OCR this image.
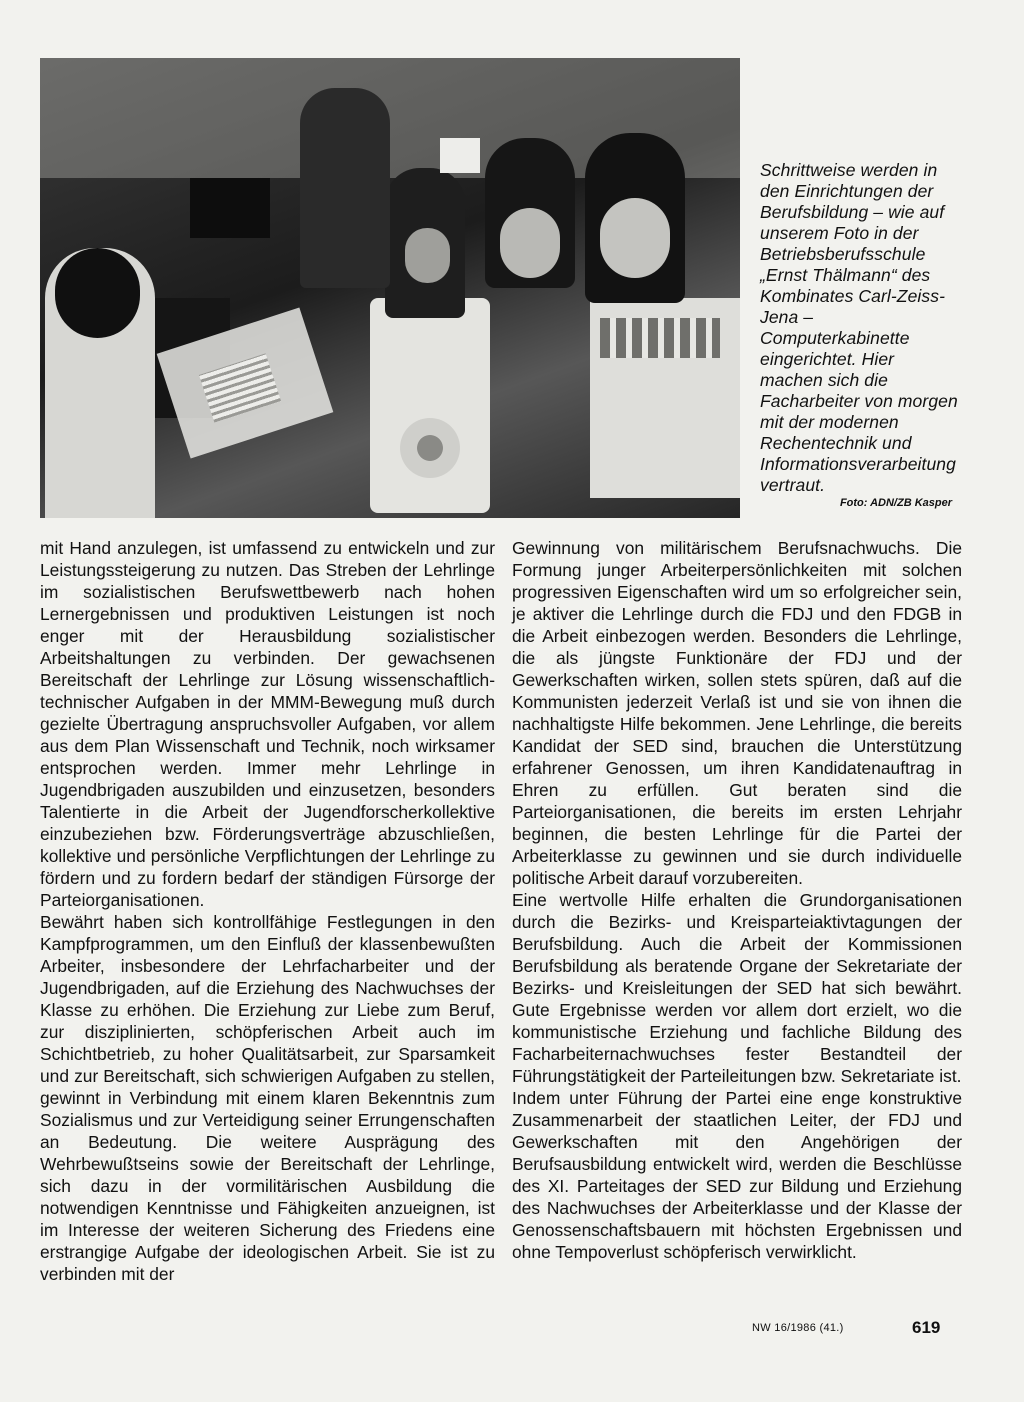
Schrittweise werden in den Einrichtungen der Berufsbildung – wie auf unserem Foto in der Betriebsberufsschule „Ernst Thälmann“ des Kombinates Carl-Zeiss-Jena – Computerkabinette eingerichtet. Hier machen sich die Facharbeiter von morgen mit der modernen Rechentechnik und Informationsverarbeitung vertraut.
Foto: ADN/ZB Kasper

mit Hand anzulegen, ist umfassend zu entwickeln und zur Leistungssteigerung zu nutzen. Das Streben der Lehrlinge im sozialistischen Berufswettbewerb nach hohen Lernergebnissen und produktiven Leistungen ist noch enger mit der Herausbildung sozialistischer Arbeitshaltungen zu verbinden. Der gewachsenen Bereitschaft der Lehrlinge zur Lösung wissenschaftlich-technischer Aufgaben in der MMM-Bewegung muß durch gezielte Übertragung anspruchsvoller Aufgaben, vor allem aus dem Plan Wissenschaft und Technik, noch wirksamer entsprochen werden. Immer mehr Lehrlinge in Jugendbrigaden auszubilden und einzusetzen, besonders Talentierte in die Arbeit der Jugendforscherkollektive einzubeziehen bzw. Förderungsverträge abzuschließen, kollektive und persönliche Verpflichtungen der Lehrlinge zu fördern und zu fordern bedarf der ständigen Fürsorge der Parteiorganisationen.

Bewährt haben sich kontrollfähige Festlegungen in den Kampfprogrammen, um den Einfluß der klassenbewußten Arbeiter, insbesondere der Lehrfacharbeiter und der Jugendbrigaden, auf die Erziehung des Nachwuchses der Klasse zu erhöhen. Die Erziehung zur Liebe zum Beruf, zur disziplinierten, schöpferischen Arbeit auch im Schichtbetrieb, zu hoher Qualitätsarbeit, zur Sparsamkeit und zur Bereitschaft, sich schwierigen Aufgaben zu stellen, gewinnt in Verbindung mit einem klaren Bekenntnis zum Sozialismus und zur Verteidigung seiner Errungenschaften an Bedeutung. Die weitere Ausprägung des Wehrbewußtseins sowie der Bereitschaft der Lehrlinge, sich dazu in der vormilitärischen Ausbildung die notwendigen Kenntnisse und Fähigkeiten anzueignen, ist im Interesse der weiteren Sicherung des Friedens eine erstrangige Aufgabe der ideologischen Arbeit. Sie ist zu verbinden mit der

Gewinnung von militärischem Berufsnachwuchs. Die Formung junger Arbeiterpersönlichkeiten mit solchen progressiven Eigenschaften wird um so erfolgreicher sein, je aktiver die Lehrlinge durch die FDJ und den FDGB in die Arbeit einbezogen werden. Besonders die Lehrlinge, die als jüngste Funktionäre der FDJ und der Gewerkschaften wirken, sollen stets spüren, daß auf die Kommunisten jederzeit Verlaß ist und sie von ihnen die nachhaltigste Hilfe bekommen. Jene Lehrlinge, die bereits Kandidat der SED sind, brauchen die Unterstützung erfahrener Genossen, um ihren Kandidatenauftrag in Ehren zu erfüllen. Gut beraten sind die Parteiorganisationen, die bereits im ersten Lehrjahr beginnen, die besten Lehrlinge für die Partei der Arbeiterklasse zu gewinnen und sie durch individuelle politische Arbeit darauf vorzubereiten.

Eine wertvolle Hilfe erhalten die Grundorganisationen durch die Bezirks- und Kreisparteiaktivtagungen der Berufsbildung. Auch die Arbeit der Kommissionen Berufsbildung als beratende Organe der Sekretariate der Bezirks- und Kreisleitungen der SED hat sich bewährt. Gute Ergebnisse werden vor allem dort erzielt, wo die kommunistische Erziehung und fachliche Bildung des Facharbeiternachwuchses fester Bestandteil der Führungstätigkeit der Parteileitungen bzw. Sekretariate ist.

Indem unter Führung der Partei eine enge konstruktive Zusammenarbeit der staatlichen Leiter, der FDJ und Gewerkschaften mit den Angehörigen der Berufsausbildung entwickelt wird, werden die Beschlüsse des XI. Parteitages der SED zur Bildung und Erziehung des Nachwuchses der Arbeiterklasse und der Klasse der Genossenschaftsbauern mit höchsten Ergebnissen und ohne Tempoverlust schöpferisch verwirklicht.

NW 16/1986 (41.)	619
